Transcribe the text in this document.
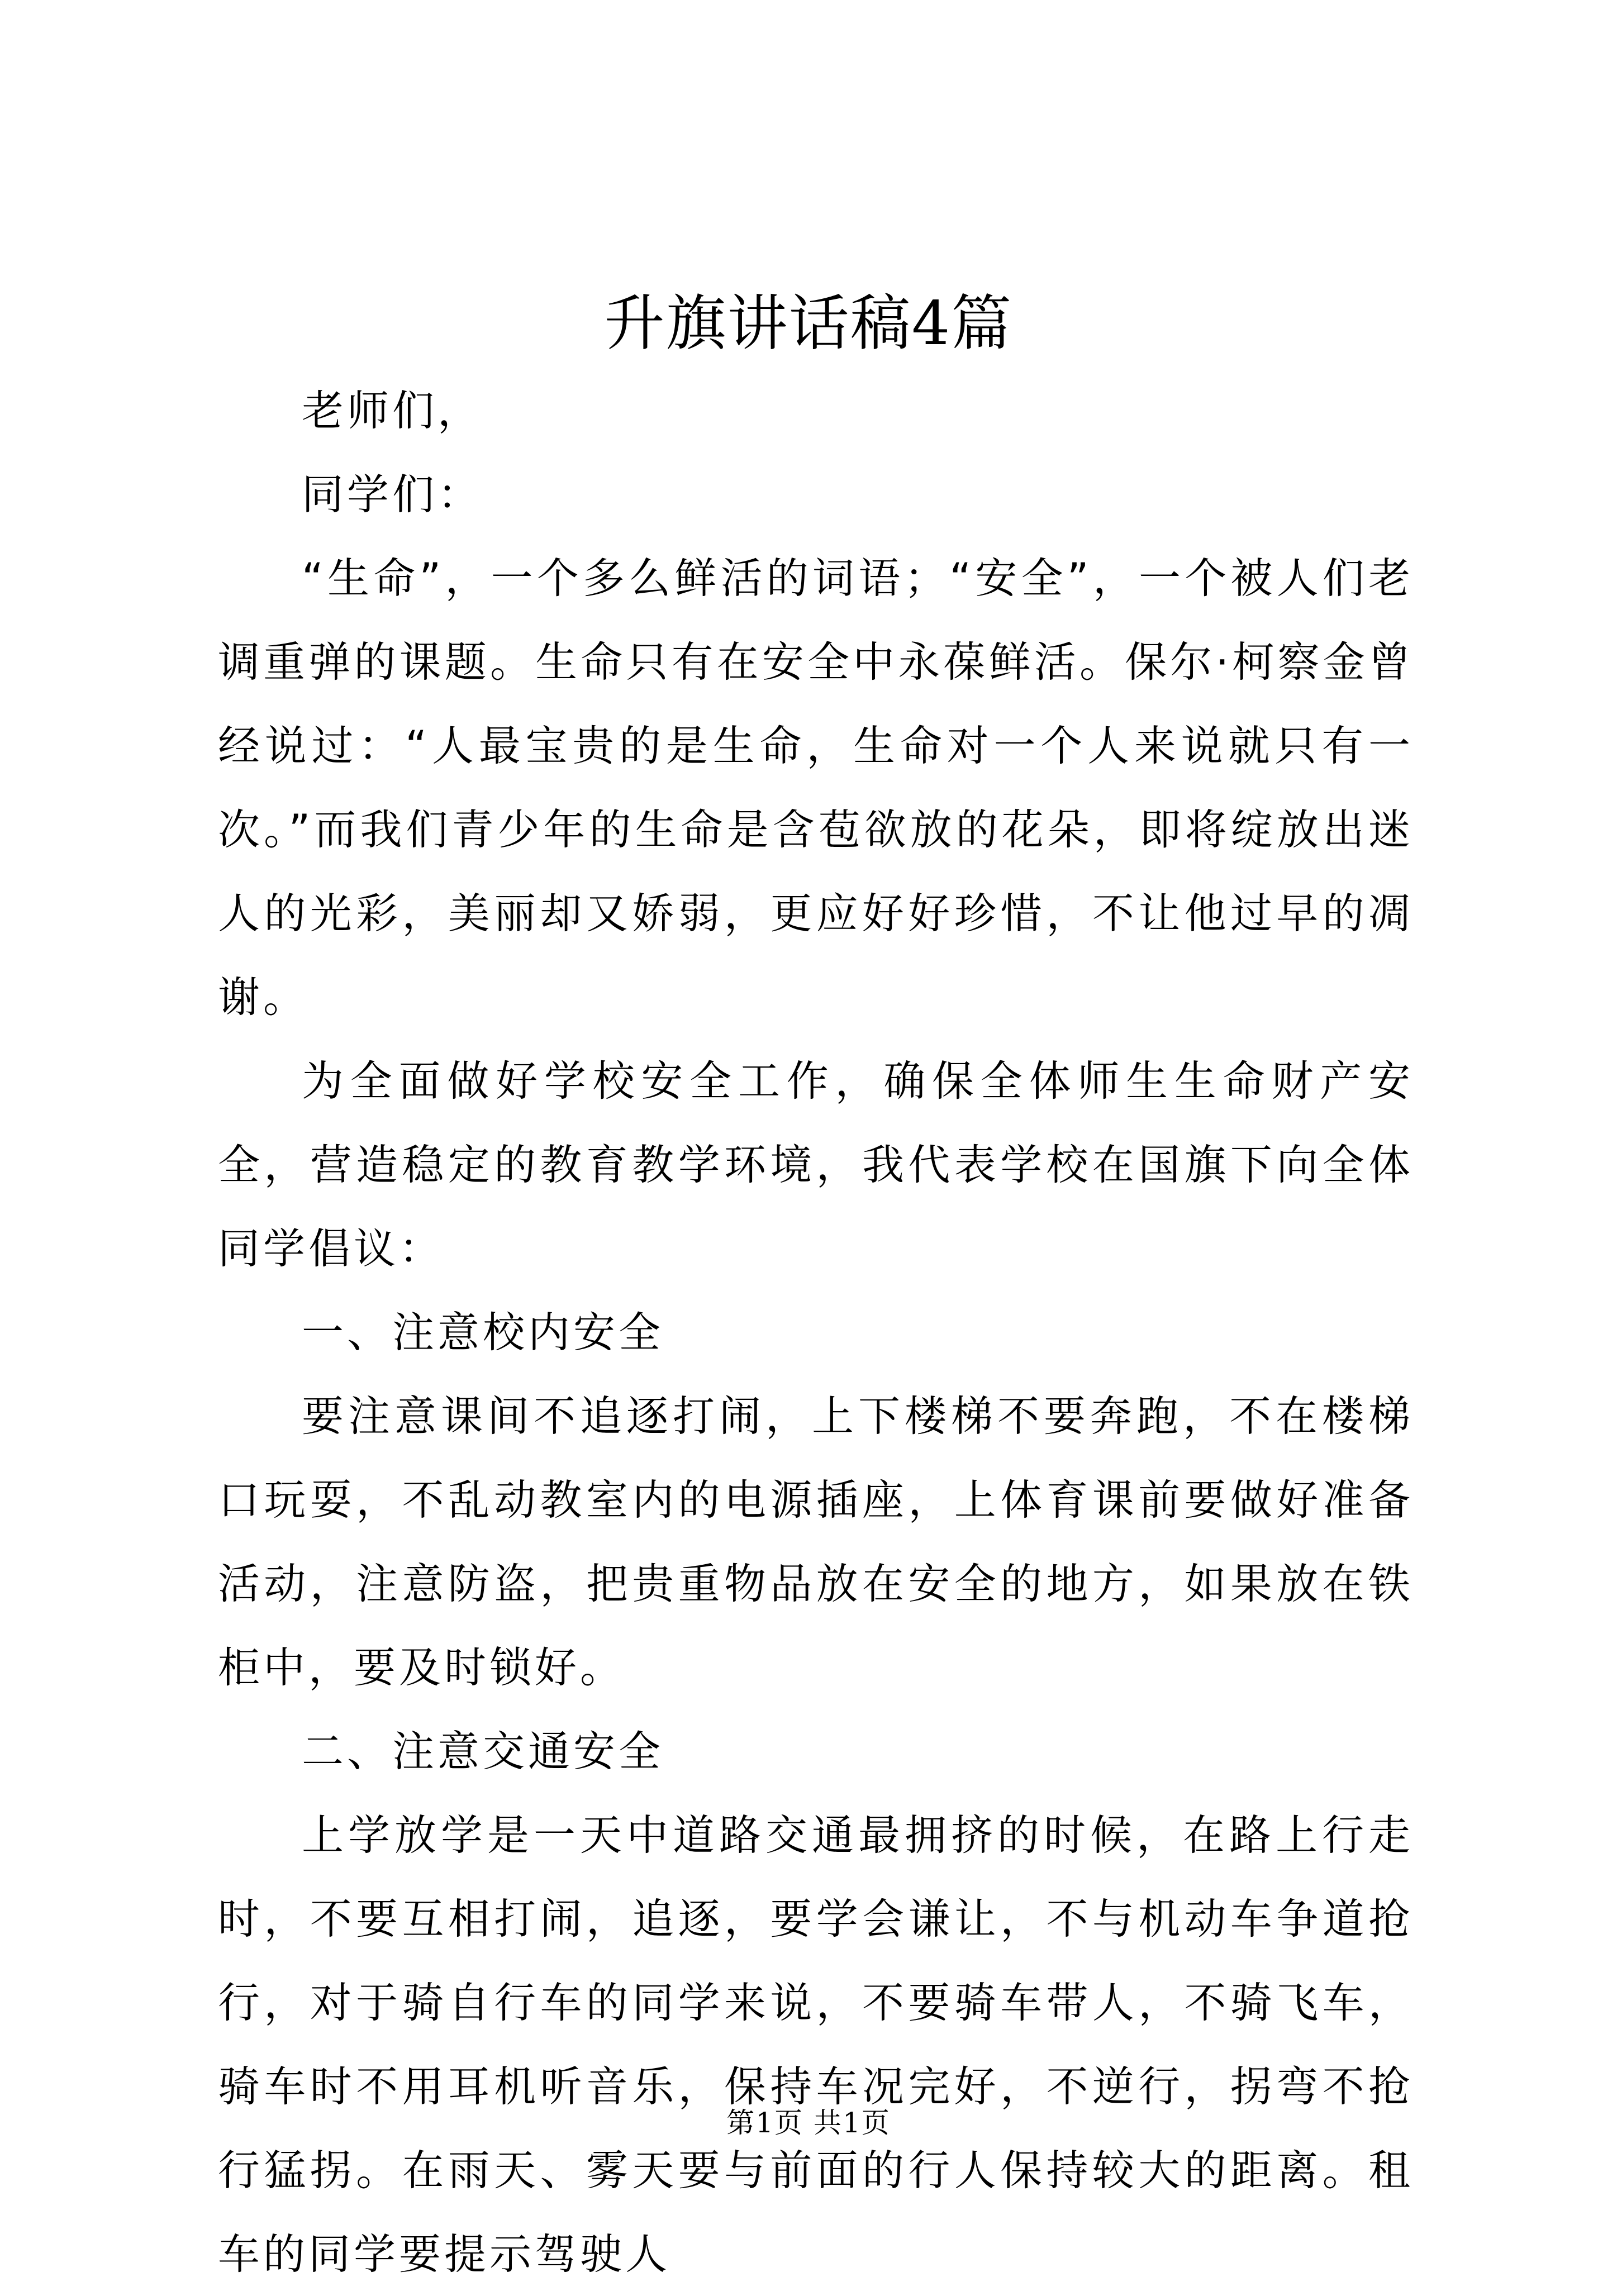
升旗讲话稿4篇

老师们，

同学们：

“生命”，一个多么鲜活的词语；“安全”，一个被人们老调重弹的课题。生命只有在安全中永葆鲜活。保尔·柯察金曾经说过：“人最宝贵的是生命，生命对一个人来说就只有一次。”而我们青少年的生命是含苞欲放的花朵，即将绽放出迷人的光彩，美丽却又娇弱，更应好好珍惜，不让他过早的凋谢。

为全面做好学校安全工作，确保全体师生生命财产安全，营造稳定的教育教学环境，我代表学校在国旗下向全体同学倡议：

一、注意校内安全

要注意课间不追逐打闹，上下楼梯不要奔跑，不在楼梯口玩耍，不乱动教室内的电源插座，上体育课前要做好准备活动，注意防盗，把贵重物品放在安全的地方，如果放在铁柜中，要及时锁好。

二、注意交通安全

上学放学是一天中道路交通最拥挤的时候，在路上行走时，不要互相打闹，追逐，要学会谦让，不与机动车争道抢行，对于骑自行车的同学来说，不要骑车带人，不骑飞车，骑车时不用耳机听音乐，保持车况完好，不逆行，拐弯不抢行猛拐。在雨天、雾天要与前面的行人保持较大的距离。租车的同学要提示驾驶人

第1页 共1页
